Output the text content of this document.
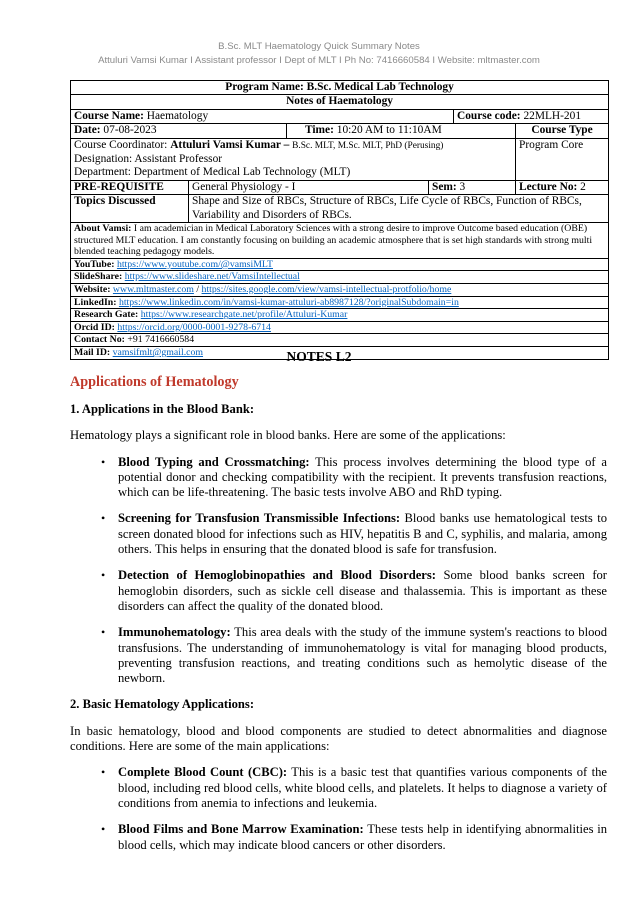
B.Sc. MLT Haematology Quick Summary Notes
Attuluri Vamsi Kumar I Assistant professor I Dept of MLT I Ph No: 7416660584 I Website: mltmaster.com
Program Name: B.Sc. Medical Lab Technology					
Notes of Haematology					
Course Name: Haematology				Course code: 22MLH-201	
Date: 07-08-2023		Time: 10:20 AM to 11:10AM			Course Type

Course Coordinator: Attuluri Vamsi Kumar – B.Sc. MLT, M.Sc. MLT, PhD (Perusing)
Designation: Assistant Professor
Department: Department of Medical Lab Technology (MLT)					Program Core
PRE-REQUISITE	General Physiology - I		Sem: 3		Lecture No: 2
Topics Discussed	Shape and Size of RBCs, Structure of RBCs, Life Cycle of RBCs, Function of RBCs, Variability and Disorders of RBCs.				
About Vamsi: I am academician in Medical Laboratory Sciences with a strong desire to improve Outcome based education (OBE) structured MLT education. I am constantly focusing on building an academic atmosphere that is set high standards with strong multi blended teaching pedagogy models.					
YouTube: https://www.youtube.com/@vamsiMLT					
SlideShare: https://www.slideshare.net/VamsiIntellectual					
Website: www.mltmaster.com / https://sites.google.com/view/vamsi-intellectual-protfolio/home					
LinkedIn: https://www.linkedin.com/in/vamsi-kumar-attuluri-ab8987128/?originalSubdomain=in					
Research Gate: https://www.researchgate.net/profile/Attuluri-Kumar					
Orcid ID: https://orcid.org/0000-0001-9278-6714					
Contact No: +91 7416660584					
Mail ID: vamsifmlt@gmail.com						NOTES L2
Applications of Hematology
1. Applications in the Blood Bank:

Hematology plays a significant role in blood banks. Here are some of the applications:

• Blood Typing and Crossmatching: This process involves determining the blood type of a potential donor and checking compatibility with the recipient. It prevents transfusion reactions, which can be life-threatening. The basic tests involve ABO and RhD typing.
• Screening for Transfusion Transmissible Infections: Blood banks use hematological tests to screen donated blood for infections such as HIV, hepatitis B and C, syphilis, and malaria, among others. This helps in ensuring that the donated blood is safe for transfusion.
• Detection of Hemoglobinopathies and Blood Disorders: Some blood banks screen for hemoglobin disorders, such as sickle cell disease and thalassemia. This is important as these disorders can affect the quality of the donated blood.
• Immunohematology: This area deals with the study of the immune system's reactions to blood transfusions. The understanding of immunohematology is vital for managing blood products, preventing transfusion reactions, and treating conditions such as hemolytic disease of the newborn.
2. Basic Hematology Applications:

In basic hematology, blood and blood components are studied to detect abnormalities and diagnose conditions. Here are some of the main applications:

• Complete Blood Count (CBC): This is a basic test that quantifies various components of the blood, including red blood cells, white blood cells, and platelets. It helps to diagnose a variety of conditions from anemia to infections and leukemia.
• Blood Films and Bone Marrow Examination: These tests help in identifying abnormalities in blood cells, which may indicate blood cancers or other disorders.
